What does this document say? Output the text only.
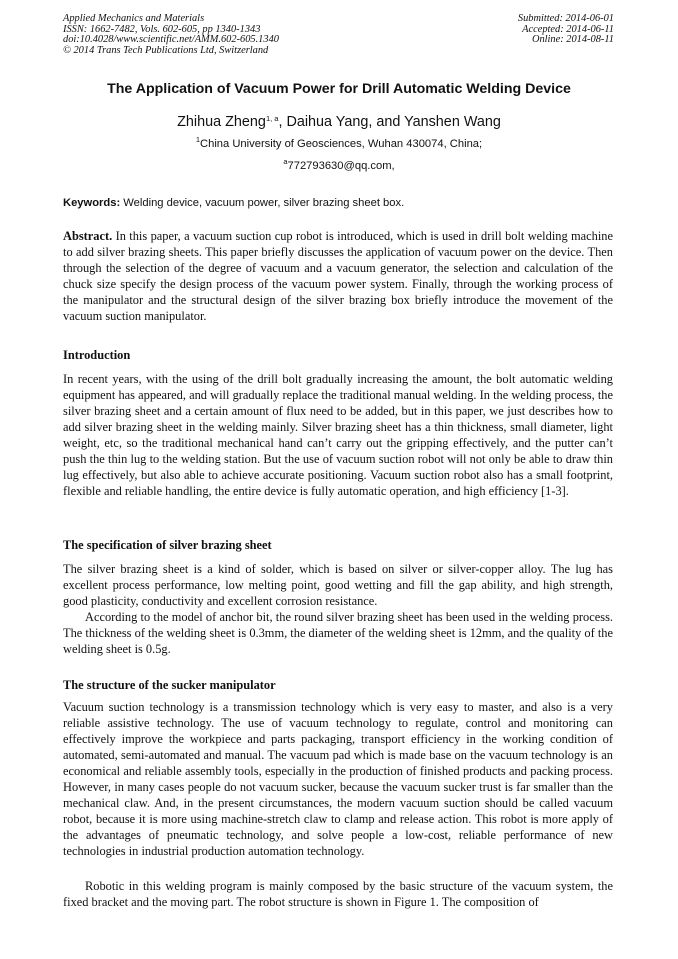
Applied Mechanics and Materials
ISSN: 1662-7482, Vols. 602-605, pp 1340-1343
doi:10.4028/www.scientific.net/AMM.602-605.1340
© 2014 Trans Tech Publications Ltd, Switzerland
Submitted: 2014-06-01
Accepted: 2014-06-11
Online: 2014-08-11
The Application of Vacuum Power for Drill Automatic Welding Device
Zhihua Zheng$^{1, a}$, Daihua Yang, and Yanshen Wang
$^1$China University of Geosciences, Wuhan 430074, China;
$^a$772793630@qq.com,
Keywords: Welding device, vacuum power, silver brazing sheet box.
Abstract. In this paper, a vacuum suction cup robot is introduced, which is used in drill bolt welding machine to add silver brazing sheets. This paper briefly discusses the application of vacuum power on the device. Then through the selection of the degree of vacuum and a vacuum generator, the selection and calculation of the chuck size specify the design process of the vacuum power system. Finally, through the working process of the manipulator and the structural design of the silver brazing box briefly introduce the movement of the vacuum suction manipulator.
Introduction
In recent years, with the using of the drill bolt gradually increasing the amount, the bolt automatic welding equipment has appeared, and will gradually replace the traditional manual welding. In the welding process, the silver brazing sheet and a certain amount of flux need to be added, but in this paper, we just describes how to add silver brazing sheet in the welding mainly. Silver brazing sheet has a thin thickness, small diameter, light weight, etc, so the traditional mechanical hand can’t carry out the gripping effectively, and the putter can’t push the thin lug to the welding station. But the use of vacuum suction robot will not only be able to draw thin lug effectively, but also able to achieve accurate positioning. Vacuum suction robot also has a small footprint, flexible and reliable handling, the entire device is fully automatic operation, and high efficiency [1-3].
The specification of silver brazing sheet
The silver brazing sheet is a kind of solder, which is based on silver or silver-copper alloy. The lug has excellent process performance, low melting point, good wetting and fill the gap ability, and high strength, good plasticity, conductivity and excellent corrosion resistance.
According to the model of anchor bit, the round silver brazing sheet has been used in the welding process. The thickness of the welding sheet is 0.3mm, the diameter of the welding sheet is 12mm, and the quality of the welding sheet is 0.5g.
The structure of the sucker manipulator
Vacuum suction technology is a transmission technology which is very easy to master, and also is a very reliable assistive technology. The use of vacuum technology to regulate, control and monitoring can effectively improve the workpiece and parts packaging, transport efficiency in the working condition of automated, semi-automated and manual. The vacuum pad which is made base on the vacuum technology is an economical and reliable assembly tools, especially in the production of finished products and packing process. However, in many cases people do not vacuum sucker, because the vacuum sucker trust is far smaller than the mechanical claw. And, in the present circumstances, the modern vacuum suction should be called vacuum robot, because it is more using machine-stretch claw to clamp and release action. This robot is more apply of the advantages of pneumatic technology, and solve people a low-cost, reliable performance of new technologies in industrial production automation technology.
Robotic in this welding program is mainly composed by the basic structure of the vacuum system, the fixed bracket and the moving part. The robot structure is shown in Figure 1. The composition of
